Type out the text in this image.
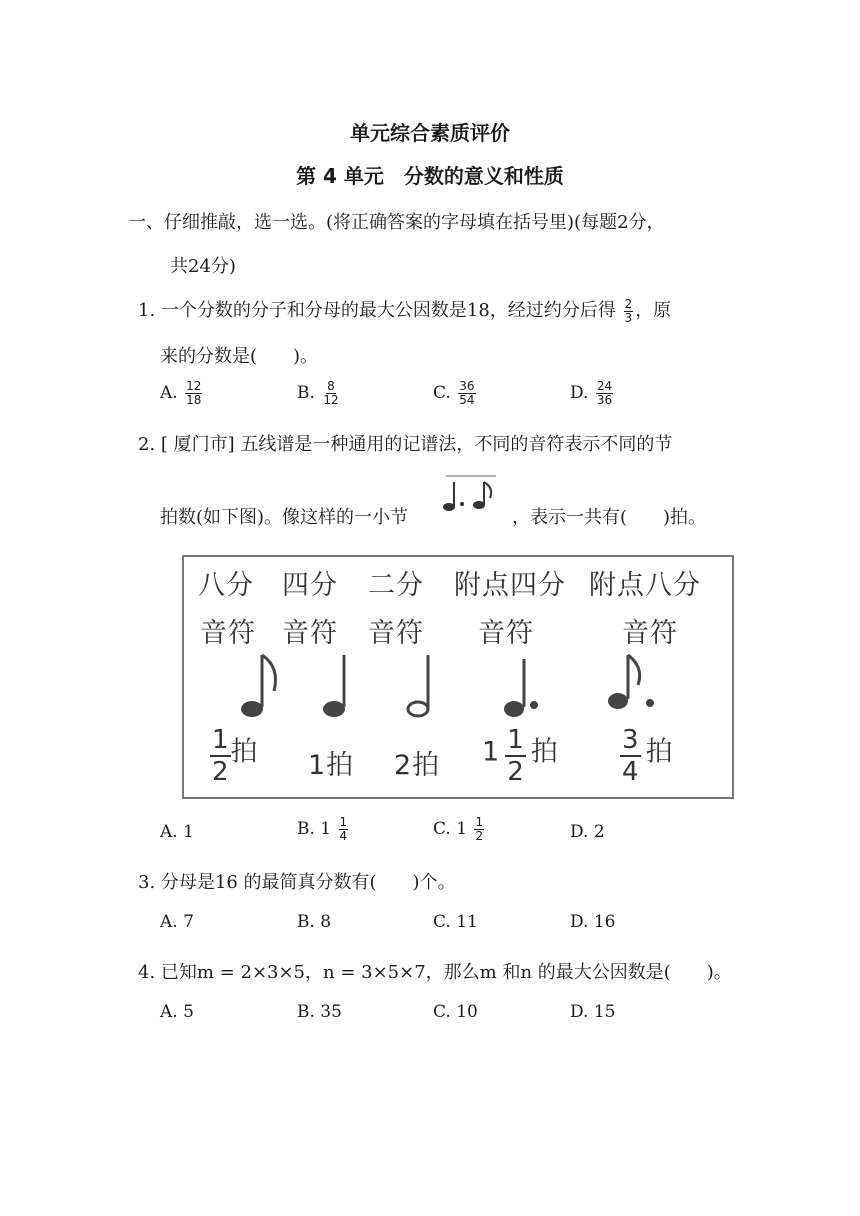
单元综合素质评价
第 4 单元　分数的意义和性质
一、仔细推敲，选一选。(将正确答案的字母填在括号里)(每题2分，
共24分)
1. 一个分数的分子和分母的最大公因数是18，经过约分后得 $\frac{2}{3}$ ，原
来的分数是(　　)。
A. $\frac{12}{18}$	B. $\frac{8}{12}$	C. $\frac{36}{54}$	D. $\frac{24}{36}$
2. [ 厦门市] 五线谱是一种通用的记谱法，不同的音符表示不同的节
拍数(如下图)。像这样的一小节	，表示一共有(　　)拍。
八分 四分 二分 附点四分 附点八分
音符 音符 音符 音符	音符
$\frac{1}{2}$ 拍 1拍 2拍 $1 \frac{1}{2}$ 拍 $\frac{3}{4}$ 拍
A. 1	B. $1 \frac{1}{4}$	C. $1 \frac{1}{2}$	D. 2
3. 分母是16 的最简真分数有(　　)个。
A. 7	B. 8	C. 11	D. 16
4. 已知m = 2×3×5，n = 3×5×7，那么m 和n 的最大公因数是(　　)。
A. 5	B. 35	C. 10	D. 15
